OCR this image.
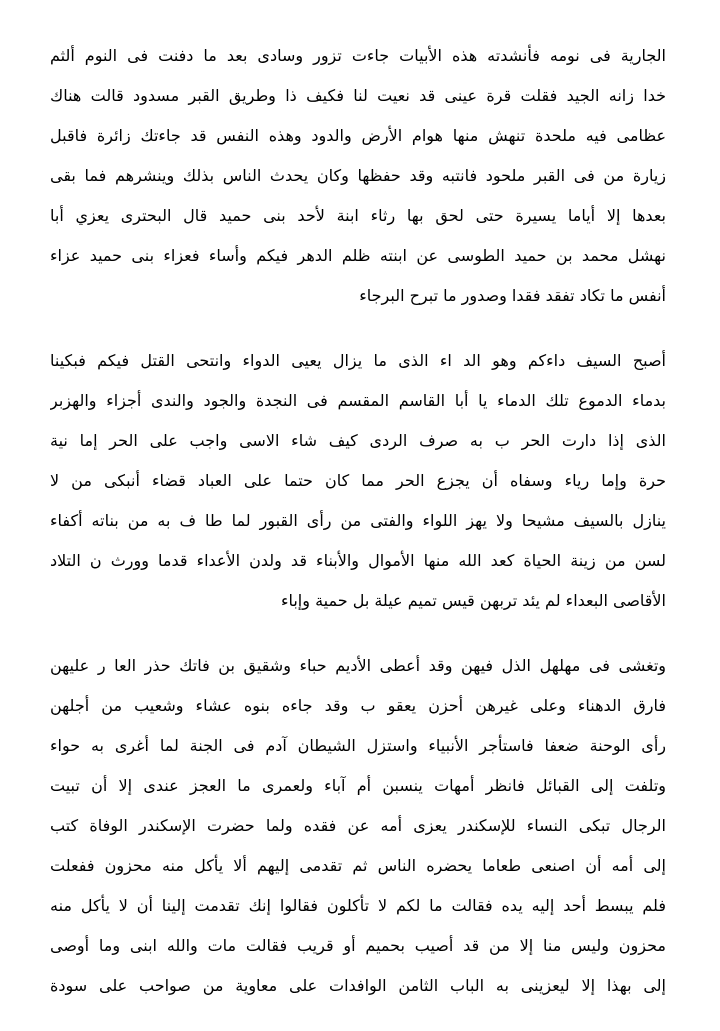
الجارية فى نومه فأنشدته هذه الأبيات جاءت تزور وسادى بعد ما دفنت فى النوم ألثم
خدا زانه الجيد فقلت قرة عينى قد نعيت لنا فكيف ذا وطريق القبر مسدود قالت هناك
عظامى فيه ملحدة تنهش منها هوام الأرض والدود وهذه النفس قد جاءتك زائرة فاقبل
زيارة من فى القبر ملحود فانتبه وقد حفظها وكان يحدث الناس بذلك وينشرهم فما بقى
بعدها إلا أياما يسيرة حتى لحق بها رثاء ابنة لأحد بنى حميد قال البحترى يعزي أبا
نهشل محمد بن حميد الطوسى عن ابنته ظلم الدهر فيكم وأساء فعزاء بنى حميد عزاء
أنفس ما تكاد تفقد فقدا وصدور ما تبرح البرجاء
أصبح السيف داءكم وهو الد اء الذى ما يزال يعيى الدواء وانتحى القتل فيكم فبكينا
بدماء الدموع تلك الدماء يا أبا القاسم المقسم فى النجدة والجود والندى أجزاء والهزبر
الذى إذا دارت الحر ب به صرف الردى كيف شاء الاسى واجب على الحر إما نية
حرة وإما رياء وسفاه أن يجزع الحر مما كان حتما على العباد قضاء أنبكى من لا
ينازل بالسيف مشيحا ولا يهز اللواء والفتى من رأى القبور لما طا ف به من بناته أكفاء
لسن من زينة الحياة كعد الله منها الأموال والأبناء قد ولدن الأعداء قدما وورث ن التلاد
الأقاصى البعداء لم يئد تربهن قيس تميم عيلة بل حمية وإباء
وتغشى فى مهلهل الذل فيهن وقد أعطى الأديم حباء وشقيق بن فاتك حذر العا ر عليهن
فارق الدهناء وعلى غيرهن أحزن يعقو ب وقد جاءه بنوه عشاء وشعيب من أجلهن
رأى الوحنة ضعفا فاستأجر الأنبياء واستزل الشيطان آدم فى الجنة لما أغرى به حواء
وتلفت إلى القبائل فانظر أمهات ينسبن أم آباء ولعمرى ما العجز عندى إلا أن تبيت
الرجال تبكى النساء للإسكندر يعزى أمه عن فقده ولما حضرت الإسكندر الوفاة كتب
إلى أمه أن اصنعى طعاما يحضره الناس ثم تقدمى إليهم ألا يأكل منه محزون ففعلت
فلم يبسط أحد إليه يده فقالت ما لكم لا تأكلون فقالوا إنك تقدمت إلينا أن لا يأكل منه
محزون وليس منا إلا من قد أصيب بحميم أو قريب فقالت مات والله ابنى وما أوصى
إلى بهذا إلا ليعزينى به الباب الثامن الوافدات على معاوية من صواحب على سودة
